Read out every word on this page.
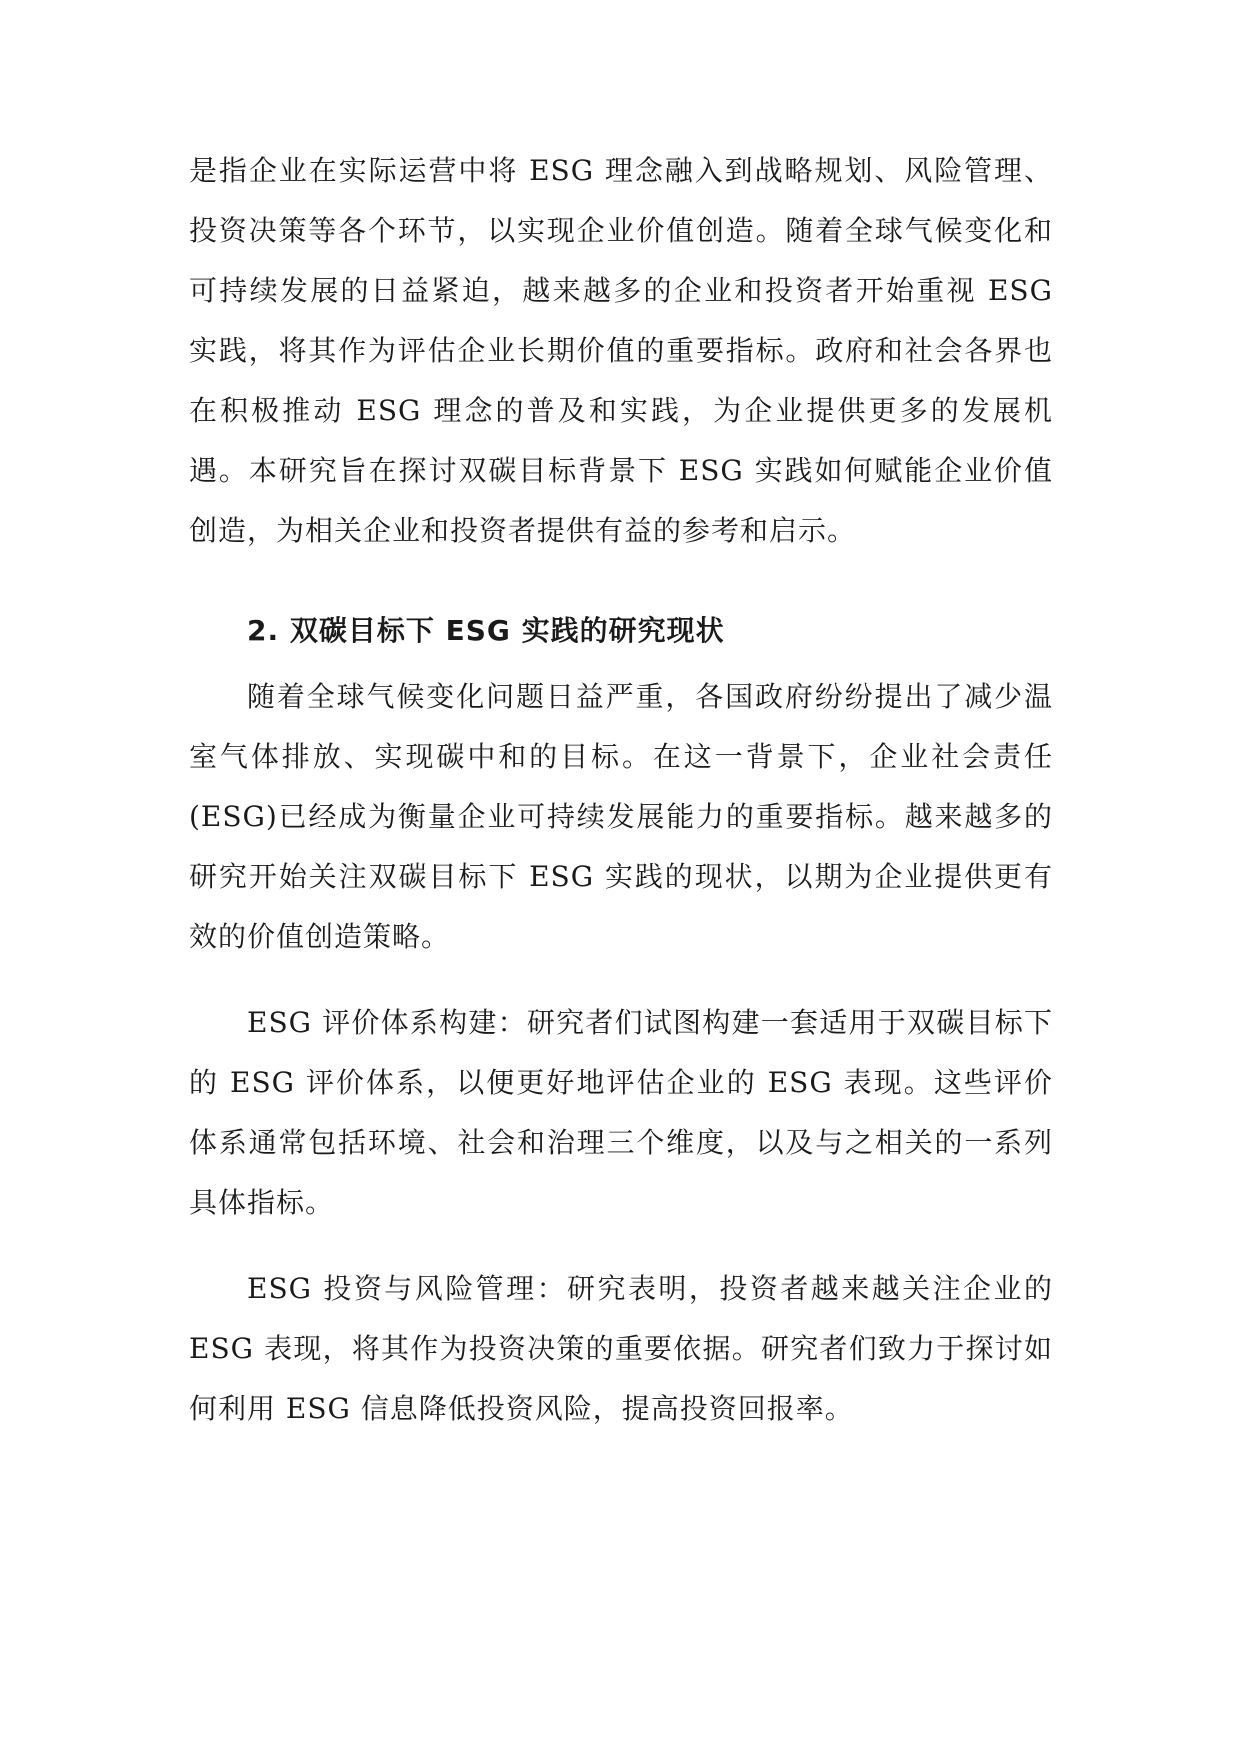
是指企业在实际运营中将 ESG 理念融入到战略规划、风险管理、投资决策等各个环节，以实现企业价值创造。随着全球气候变化和可持续发展的日益紧迫，越来越多的企业和投资者开始重视 ESG 实践，将其作为评估企业长期价值的重要指标。政府和社会各界也在积极推动 ESG 理念的普及和实践，为企业提供更多的发展机遇。本研究旨在探讨双碳目标背景下 ESG 实践如何赋能企业价值创造，为相关企业和投资者提供有益的参考和启示。

2. 双碳目标下 ESG 实践的研究现状

随着全球气候变化问题日益严重，各国政府纷纷提出了减少温室气体排放、实现碳中和的目标。在这一背景下，企业社会责任(ESG)已经成为衡量企业可持续发展能力的重要指标。越来越多的研究开始关注双碳目标下 ESG 实践的现状，以期为企业提供更有效的价值创造策略。

ESG 评价体系构建：研究者们试图构建一套适用于双碳目标下的 ESG 评价体系，以便更好地评估企业的 ESG 表现。这些评价体系通常包括环境、社会和治理三个维度，以及与之相关的一系列具体指标。

ESG 投资与风险管理：研究表明，投资者越来越关注企业的 ESG 表现，将其作为投资决策的重要依据。研究者们致力于探讨如何利用 ESG 信息降低投资风险，提高投资回报率。
